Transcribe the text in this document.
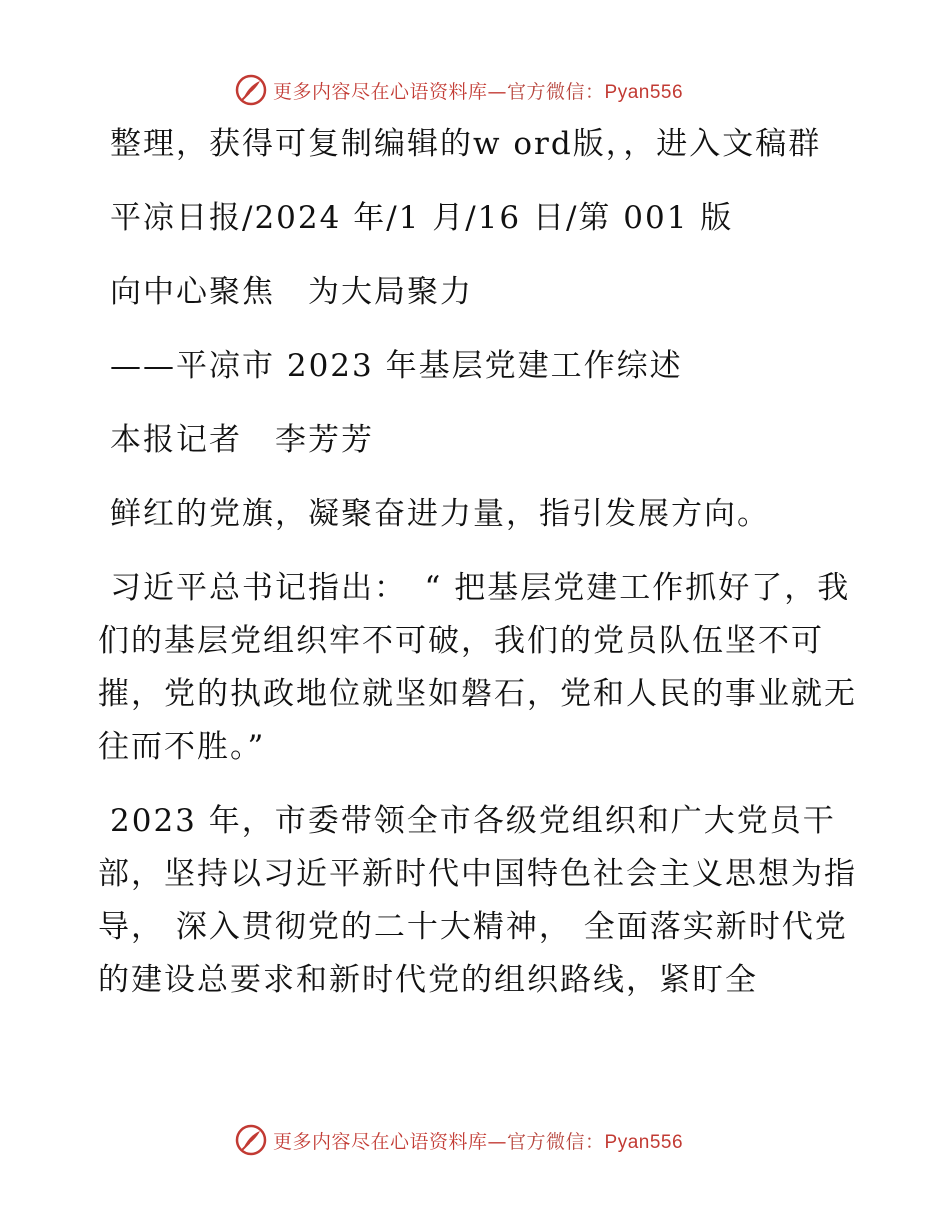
更多内容尽在心语资料库—官方微信：Pyan556

整理，获得可复制编辑的w ord版，，进入文稿群

平凉日报/2024 年/1 月/16 日/第 001 版

向中心聚焦　为大局聚力

——平凉市 2023 年基层党建工作综述

本报记者　李芳芳

鲜红的党旗，凝聚奋进力量，指引发展方向。

习近平总书记指出：　“ 把基层党建工作抓好了，我们的基层党组织牢不可破，我们的党员队伍坚不可摧，党的执政地位就坚如磐石，党和人民的事业就无往而不胜。”

2023 年，市委带领全市各级党组织和广大党员干部，坚持以习近平新时代中国特色社会主义思想为指导， 深入贯彻党的二十大精神， 全面落实新时代党的建设总要求和新时代党的组织路线，紧盯全

更多内容尽在心语资料库—官方微信：Pyan556
